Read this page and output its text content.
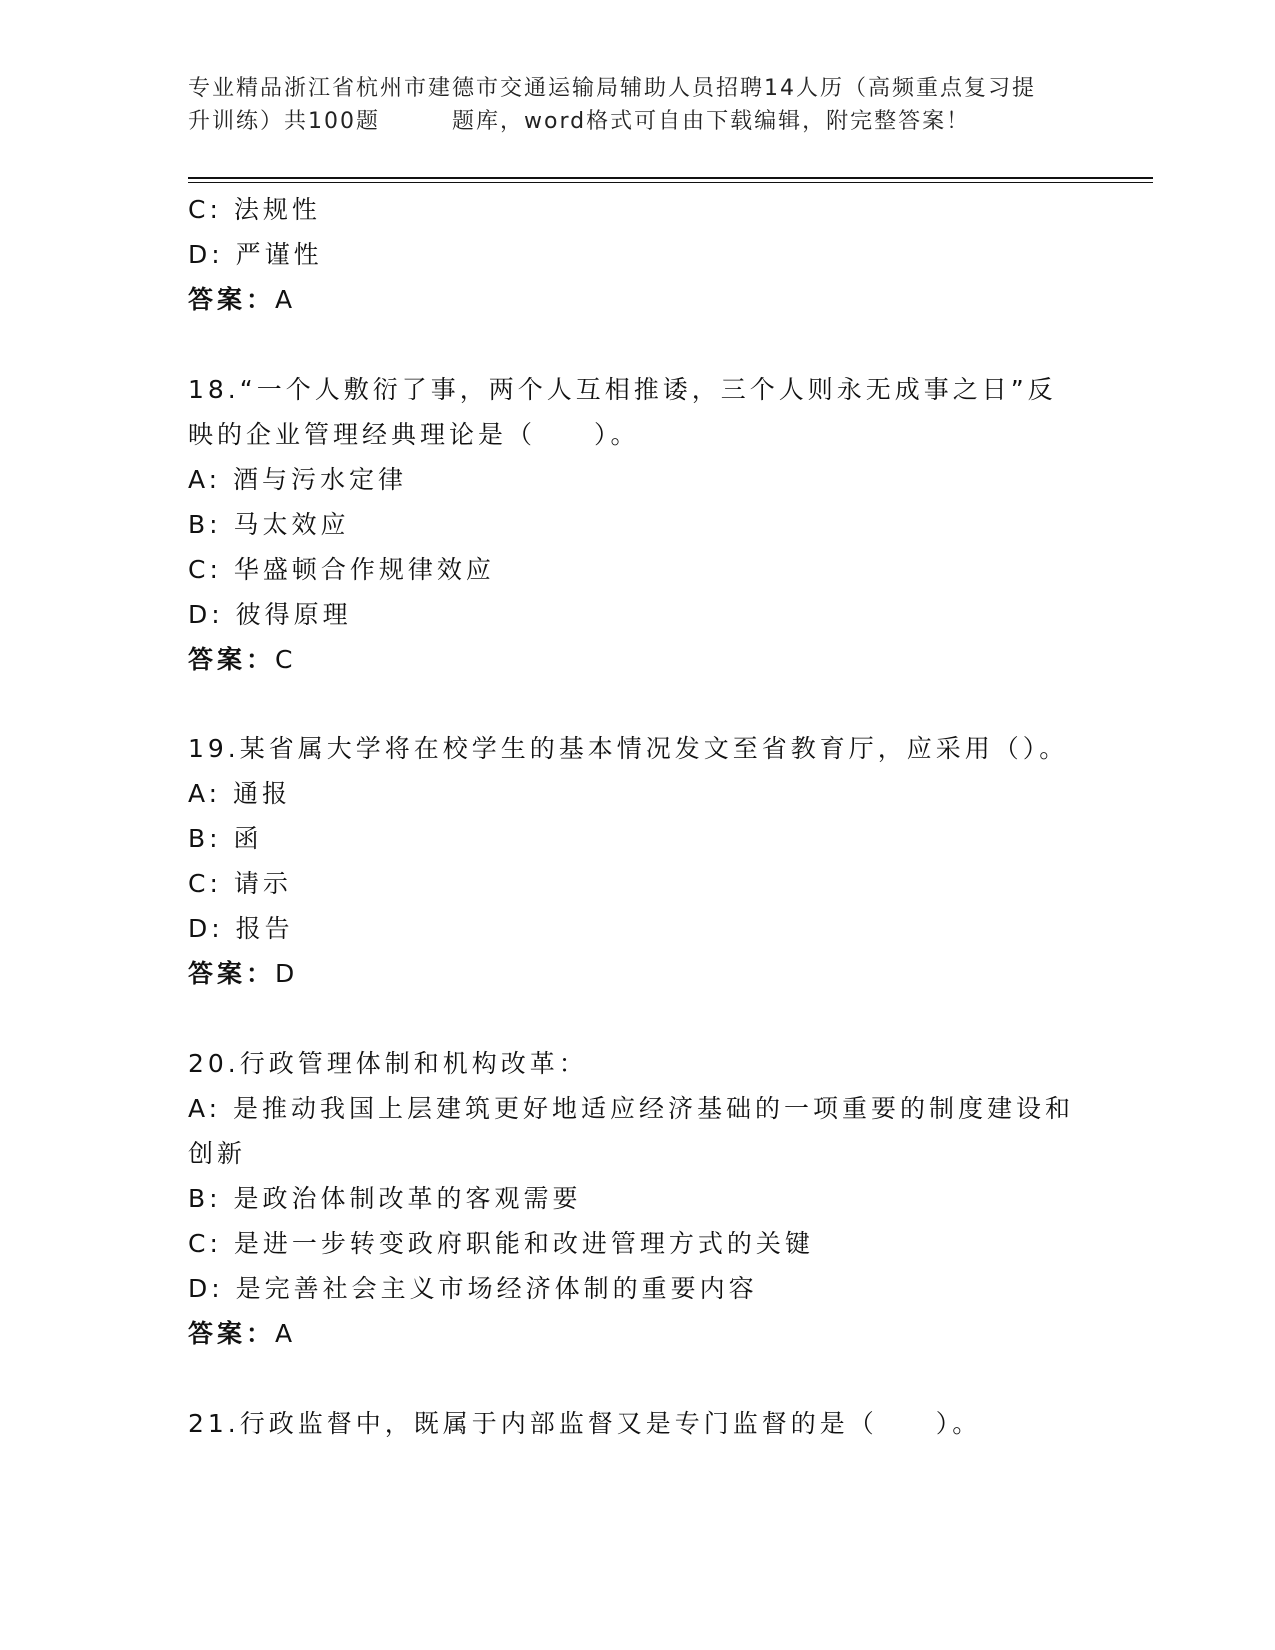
专业精品浙江省杭州市建德市交通运输局辅助人员招聘14人历（高频重点复习提
升训练）共100题	题库，word格式可自由下载编辑，附完整答案！
C: 法规性
D: 严谨性
答案：A
18.“一个人敷衍了事，两个人互相推诿，三个人则永无成事之日”反
映的企业管理经典理论是（　　）。
A: 酒与污水定律
B: 马太效应
C: 华盛顿合作规律效应
D: 彼得原理
答案：C
19.某省属大学将在校学生的基本情况发文至省教育厅，应采用（）。
A: 通报
B: 函
C: 请示
D: 报告
答案：D
20.行政管理体制和机构改革：
A: 是推动我国上层建筑更好地适应经济基础的一项重要的制度建设和
创新
B: 是政治体制改革的客观需要
C: 是进一步转变政府职能和改进管理方式的关键
D: 是完善社会主义市场经济体制的重要内容
答案：A
21.行政监督中，既属于内部监督又是专门监督的是（　　）。
